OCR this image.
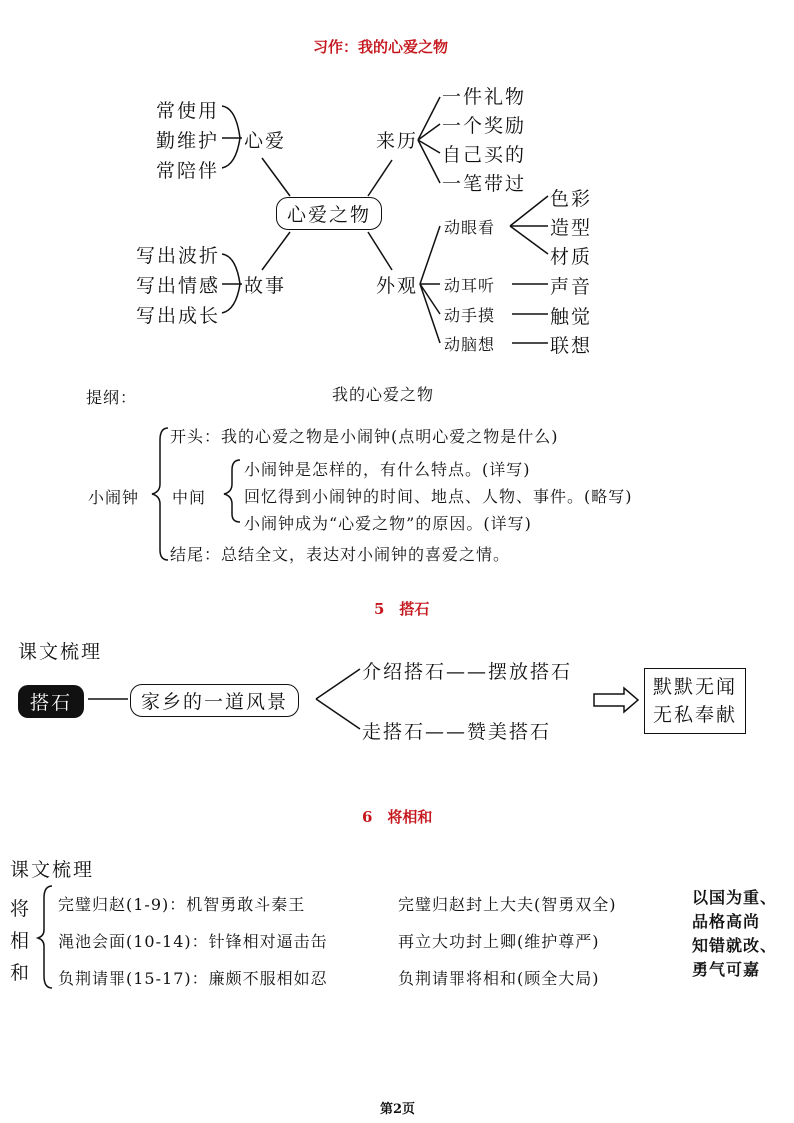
习作：我的心爱之物
常使用
勤维护
常陪伴
心爱
写出波折
写出情感
写出成长
故事
心爱之物
来历
一件礼物
一个奖励
自己买的
一笔带过
外观
动眼看
动耳听
动手摸
动脑想
色彩
造型
材质
声音
触觉
联想
提纲：	我的心爱之物
小闹钟
开头：我的心爱之物是小闹钟(点明心爱之物是什么)
中间
小闹钟是怎样的，有什么特点。(详写)
回忆得到小闹钟的时间、地点、人物、事件。(略写)
小闹钟成为“心爱之物”的原因。(详写)
结尾：总结全文，表达对小闹钟的喜爱之情。
5　搭石
课文梳理
搭石	家乡的一道风景
介绍搭石——摆放搭石
走搭石——赞美搭石
默默无闻
无私奉献
6　将相和
课文梳理
将
相
和
完璧归赵(1-9)：机智勇敢斗秦王
渑池会面(10-14)：针锋相对逼击缶
负荆请罪(15-17)：廉颇不服相如忍
完璧归赵封上大夫(智勇双全)
再立大功封上卿(维护尊严)
负荆请罪将相和(顾全大局)
以国为重、
品格高尚
知错就改、
勇气可嘉
第2页
